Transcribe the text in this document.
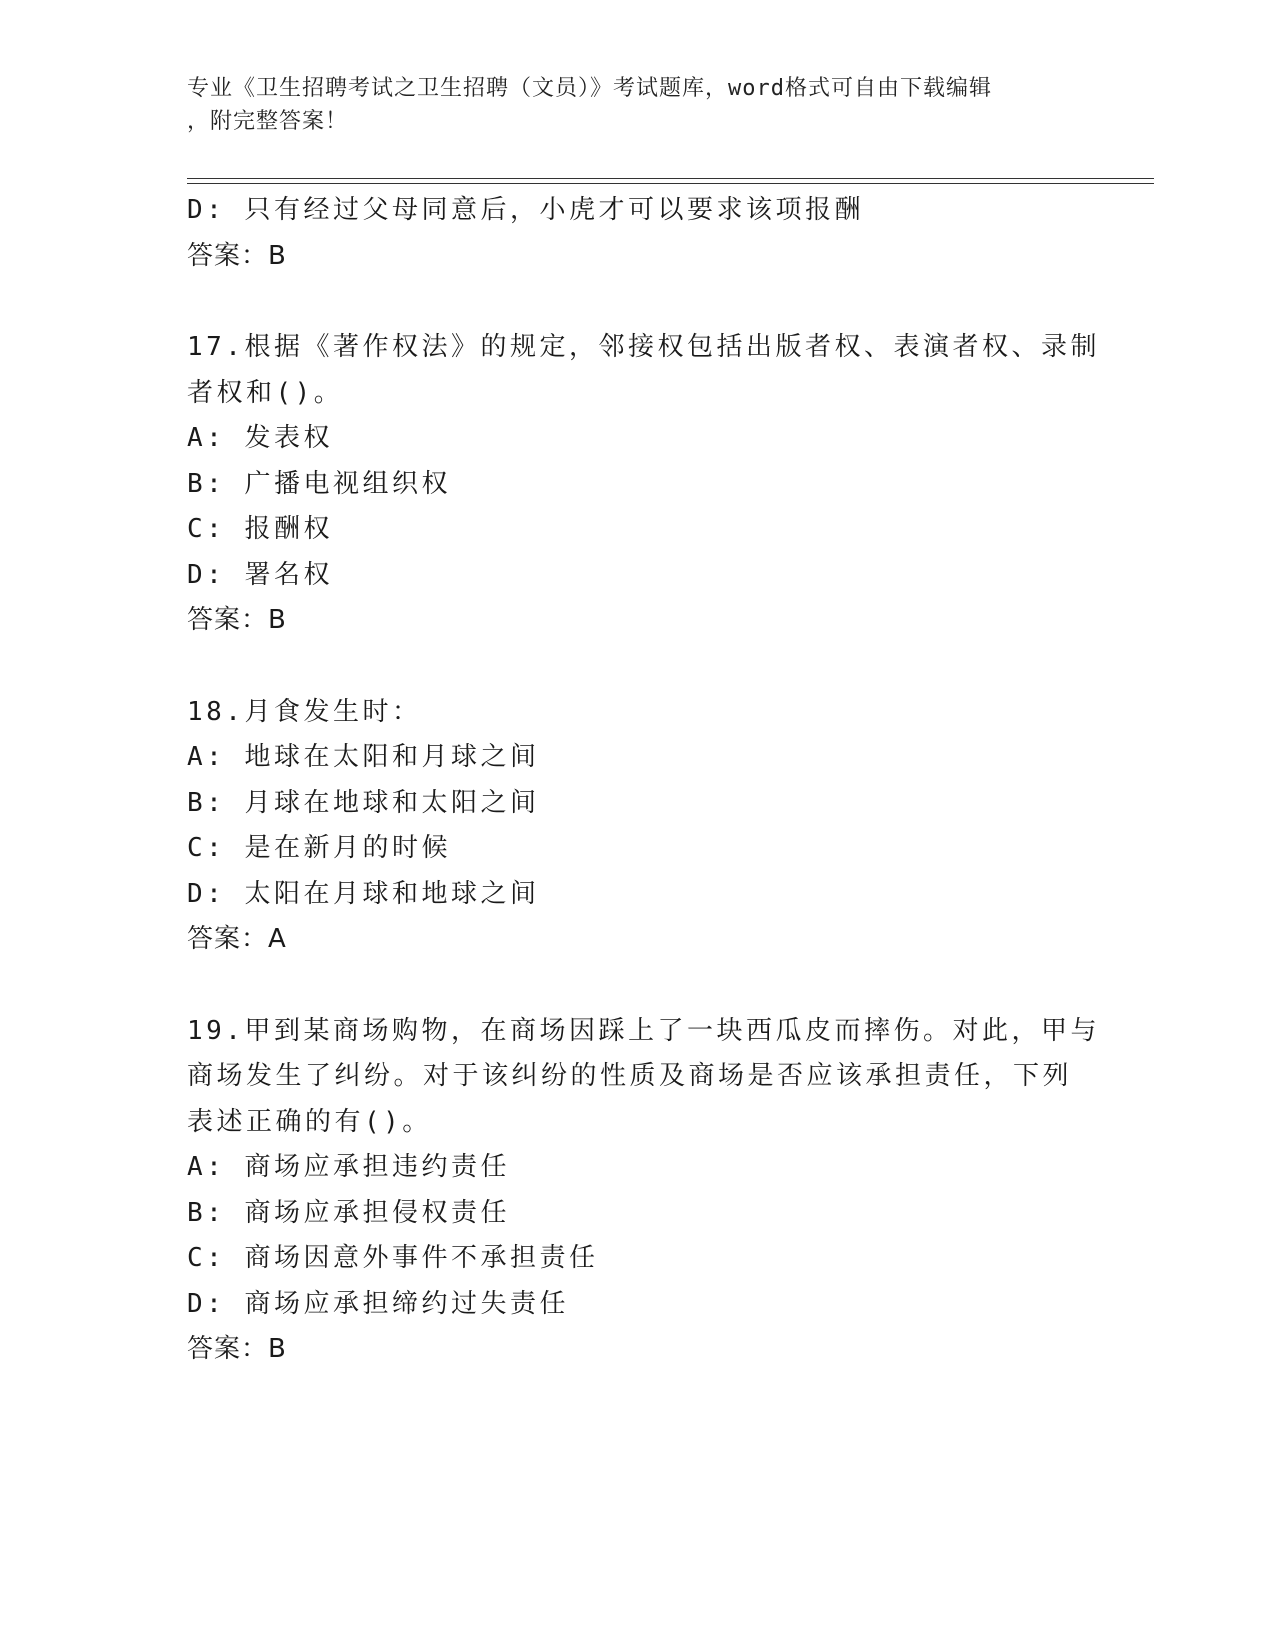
专业《卫生招聘考试之卫生招聘（文员）》考试题库，word格式可自由下载编辑
，附完整答案！
D: 只有经过父母同意后，小虎才可以要求该项报酬
答案：B
17.根据《著作权法》的规定，邻接权包括出版者权、表演者权、录制
者权和()。
A: 发表权
B: 广播电视组织权
C: 报酬权
D: 署名权
答案：B
18.月食发生时：
A: 地球在太阳和月球之间
B: 月球在地球和太阳之间
C: 是在新月的时候
D: 太阳在月球和地球之间
答案：A
19.甲到某商场购物，在商场因踩上了一块西瓜皮而摔伤。对此，甲与
商场发生了纠纷。对于该纠纷的性质及商场是否应该承担责任，下列
表述正确的有()。
A: 商场应承担违约责任
B: 商场应承担侵权责任
C: 商场因意外事件不承担责任
D: 商场应承担缔约过失责任
答案：B
